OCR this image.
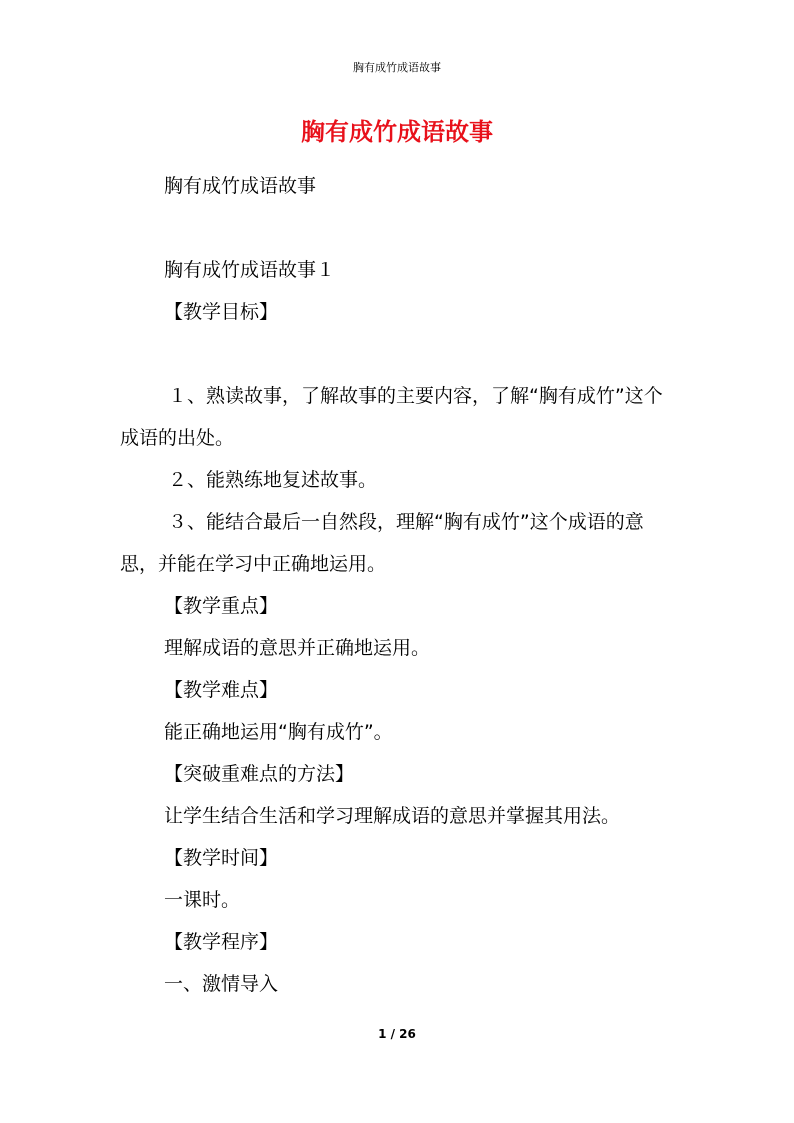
胸有成竹成语故事
胸有成竹成语故事

胸有成竹成语故事

胸有成竹成语故事１

【教学目标】

１、熟读故事，了解故事的主要内容，了解“胸有成竹”这个成语的出处。

２、能熟练地复述故事。

３、能结合最后一自然段，理解“胸有成竹”这个成语的意思，并能在学习中正确地运用。

【教学重点】

理解成语的意思并正确地运用。

【教学难点】

能正确地运用“胸有成竹”。

【突破重难点的方法】

让学生结合生活和学习理解成语的意思并掌握其用法。

【教学时间】

一课时。

【教学程序】

一、激情导入

1 / 26
